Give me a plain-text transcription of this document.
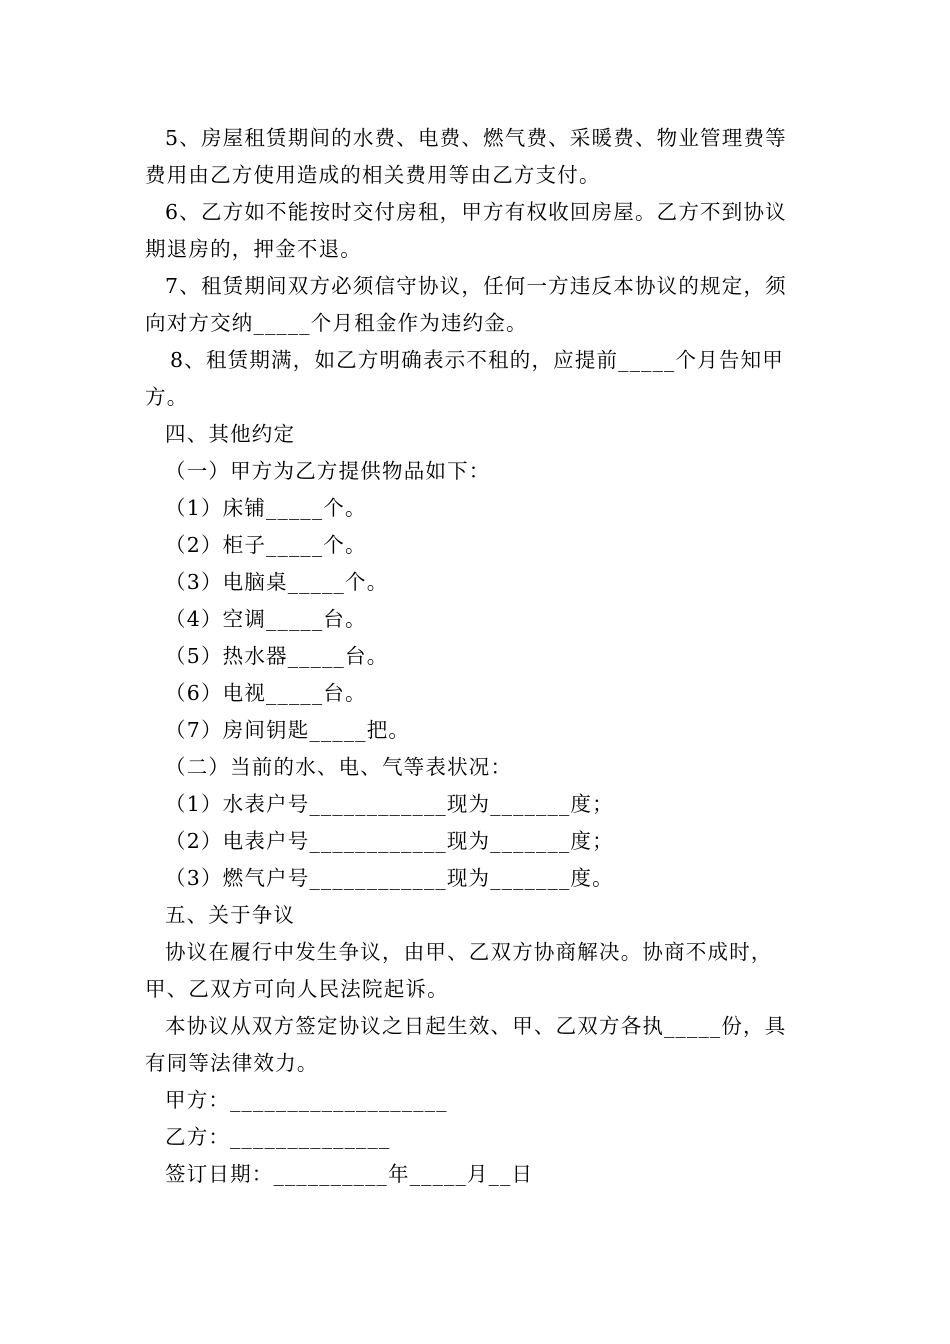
5、房屋租赁期间的水费、电费、燃气费、采暖费、物业管理费等
费用由乙方使用造成的相关费用等由乙方支付。
6、乙方如不能按时交付房租，甲方有权收回房屋。乙方不到协议
期退房的，押金不退。
7、租赁期间双方必须信守协议，任何一方违反本协议的规定，须
向对方交纳_____个月租金作为违约金。
8、租赁期满，如乙方明确表示不租的，应提前_____个月告知甲
方。
四、其他约定
（一）甲方为乙方提供物品如下：
（1）床铺_____个。
（2）柜子_____个。
（3）电脑桌_____个。
（4）空调_____台。
（5）热水器_____台。
（6）电视_____台。
（7）房间钥匙_____把。
（二）当前的水、电、气等表状况：
（1）水表户号____________现为_______度；
（2）电表户号____________现为_______度；
（3）燃气户号____________现为_______度。
五、关于争议
协议在履行中发生争议，由甲、乙双方协商解决。协商不成时，
甲、乙双方可向人民法院起诉。
本协议从双方签定协议之日起生效、甲、乙双方各执_____份，具
有同等法律效力。
甲方：___________________
乙方：______________
签订日期：__________年_____月__日
